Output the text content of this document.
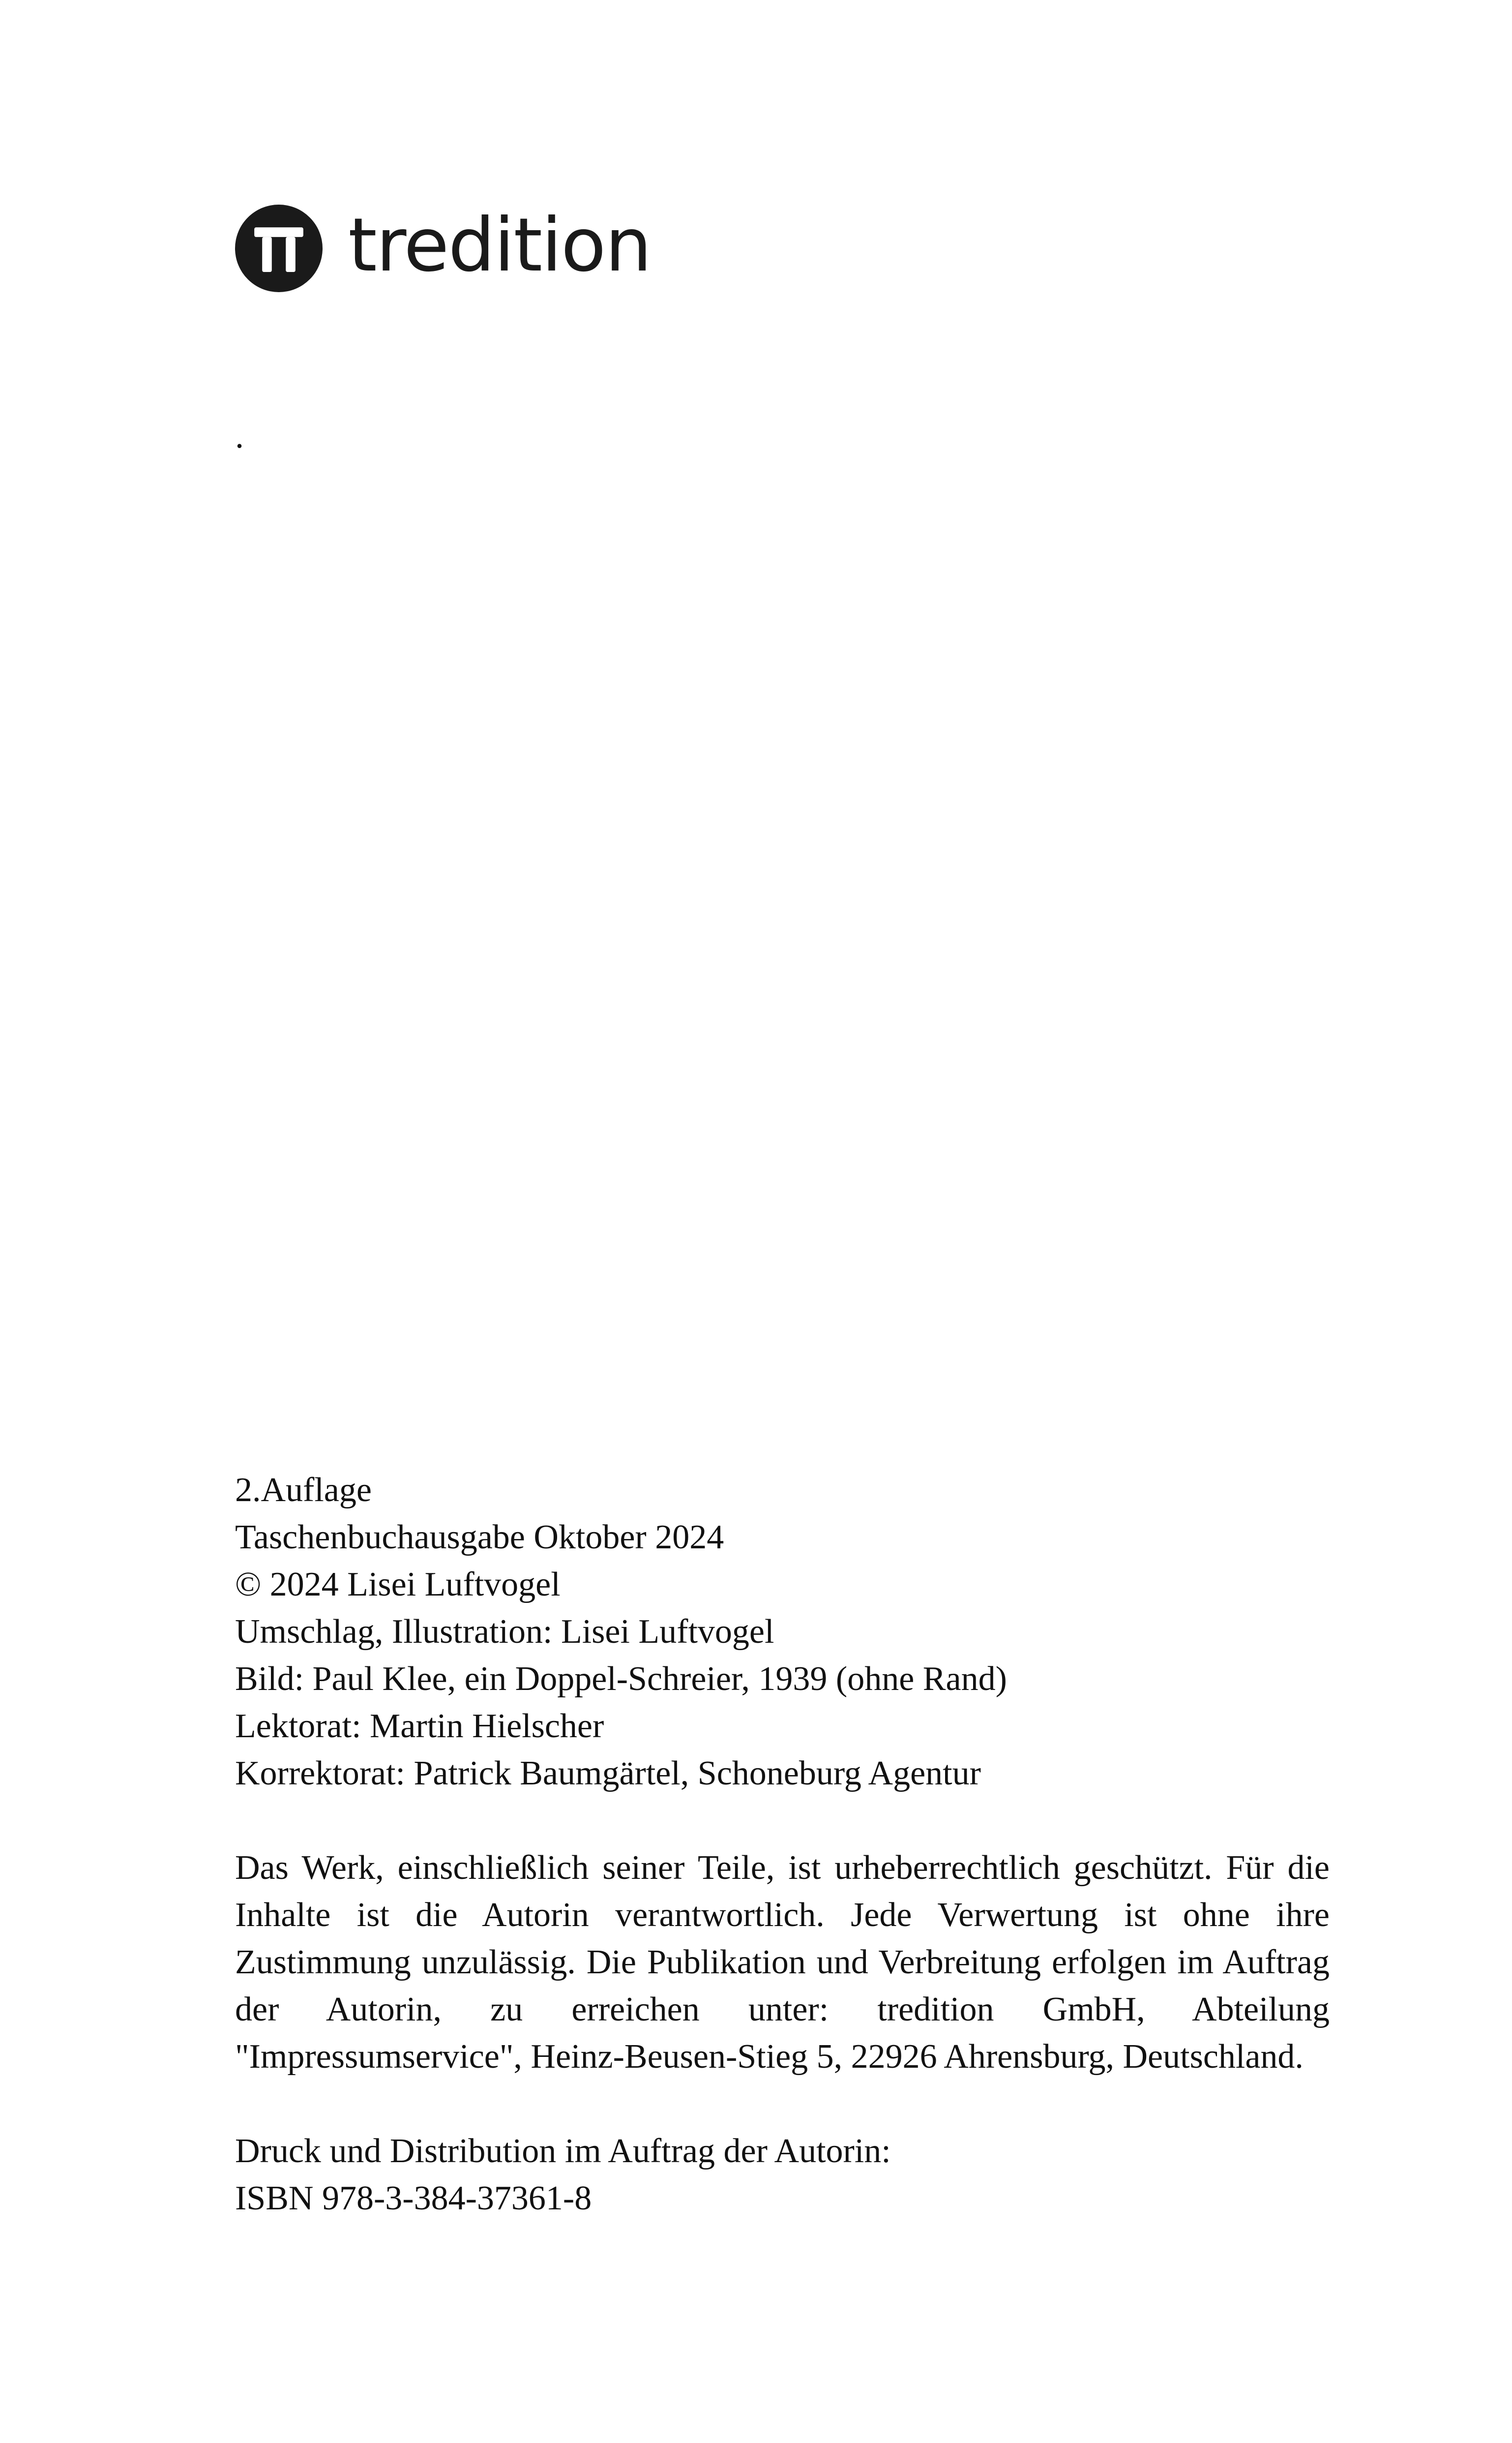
tredition
.
2.Auflage
Taschenbuchausgabe Oktober 2024
© 2024 Lisei Luftvogel
Umschlag, Illustration: Lisei Luftvogel
Bild: Paul Klee, ein Doppel-Schreier, 1939 (ohne Rand)
Lektorat: Martin Hielscher
Korrektorat: Patrick Baumgärtel, Schoneburg Agentur
Das Werk, einschließlich seiner Teile, ist urheberrechtlich geschützt. Für die Inhalte ist die Autorin verantwortlich. Jede Verwertung ist ohne ihre Zustimmung unzulässig. Die Publikation und Verbreitung erfolgen im Auftrag der Autorin, zu erreichen unter: tredition GmbH, Abteilung "Impressumservice", Heinz-Beusen-Stieg 5, 22926 Ahrensburg, Deutschland.
Druck und Distribution im Auftrag der Autorin:
ISBN 978-3-384-37361-8
